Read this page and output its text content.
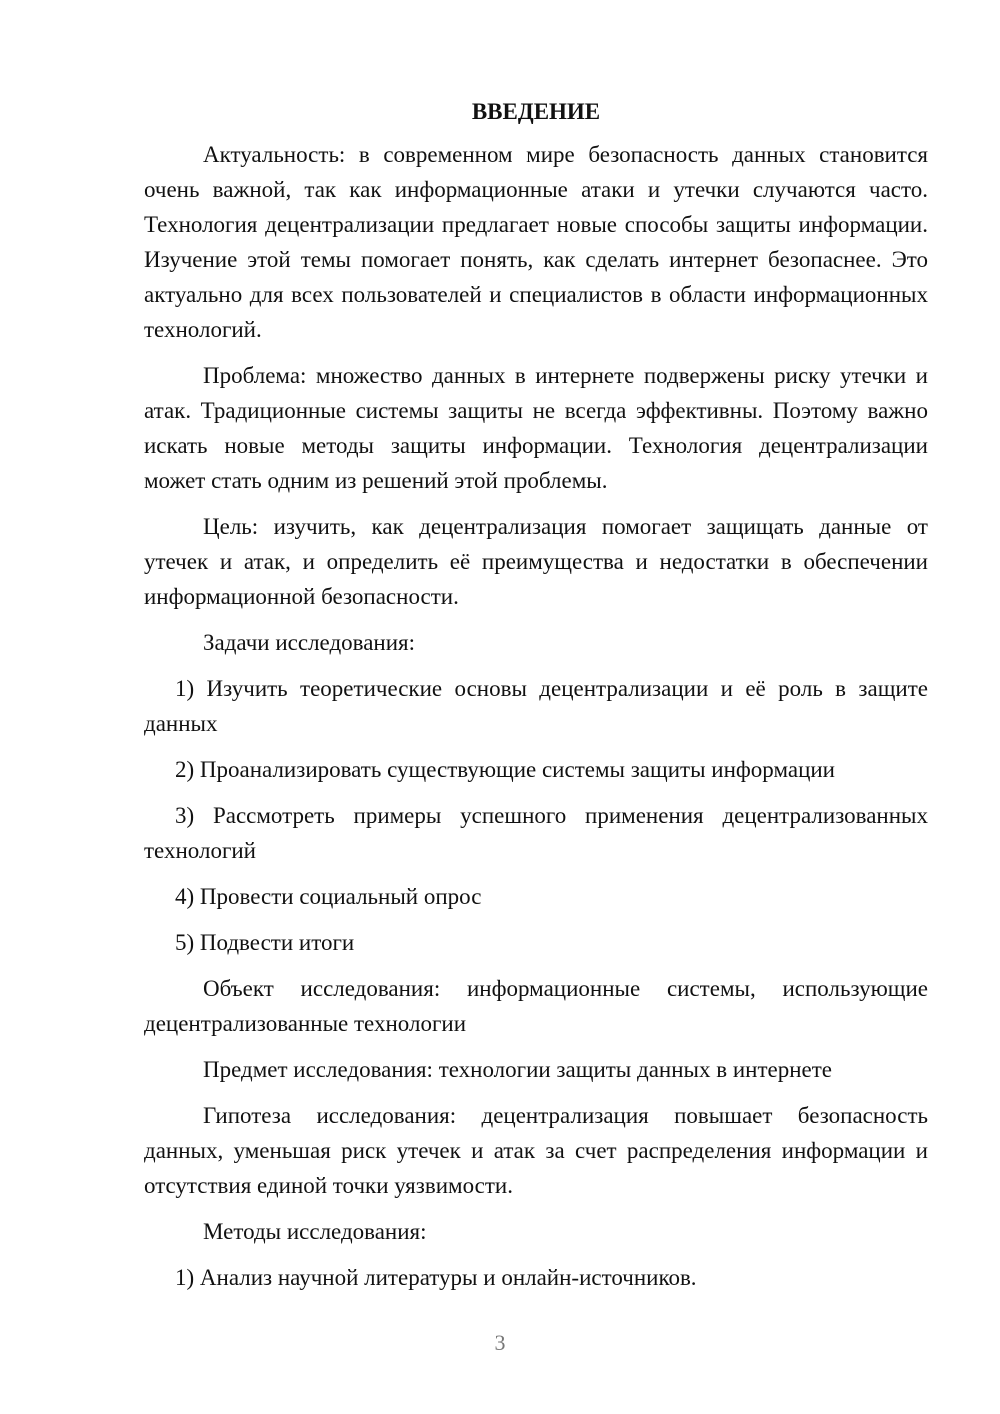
ВВЕДЕНИЕ
Актуальность: в современном мире безопасность данных становится очень важной, так как информационные атаки и утечки случаются часто. Технология децентрализации предлагает новые способы защиты информации. Изучение этой темы помогает понять, как сделать интернет безопаснее. Это актуально для всех пользователей и специалистов в области информационных технологий.
Проблема: множество данных в интернете подвержены риску утечки и атак. Традиционные системы защиты не всегда эффективны. Поэтому важно искать новые методы защиты информации. Технология децентрализации может стать одним из решений этой проблемы.
Цель: изучить, как децентрализация помогает защищать данные от утечек и атак, и определить её преимущества и недостатки в обеспечении информационной безопасности.
Задачи исследования:
1) Изучить теоретические основы децентрализации и её роль в защите данных
2) Проанализировать существующие системы защиты информации
3) Рассмотреть примеры успешного применения децентрализованных технологий
4) Провести социальный опрос
5) Подвести итоги
Объект исследования: информационные системы, использующие децентрализованные технологии
Предмет исследования: технологии защиты данных в интернете
Гипотеза исследования: децентрализация повышает безопасность данных, уменьшая риск утечек и атак за счет распределения информации и отсутствия единой точки уязвимости.
Методы исследования:
1) Анализ научной литературы и онлайн-источников.
3
